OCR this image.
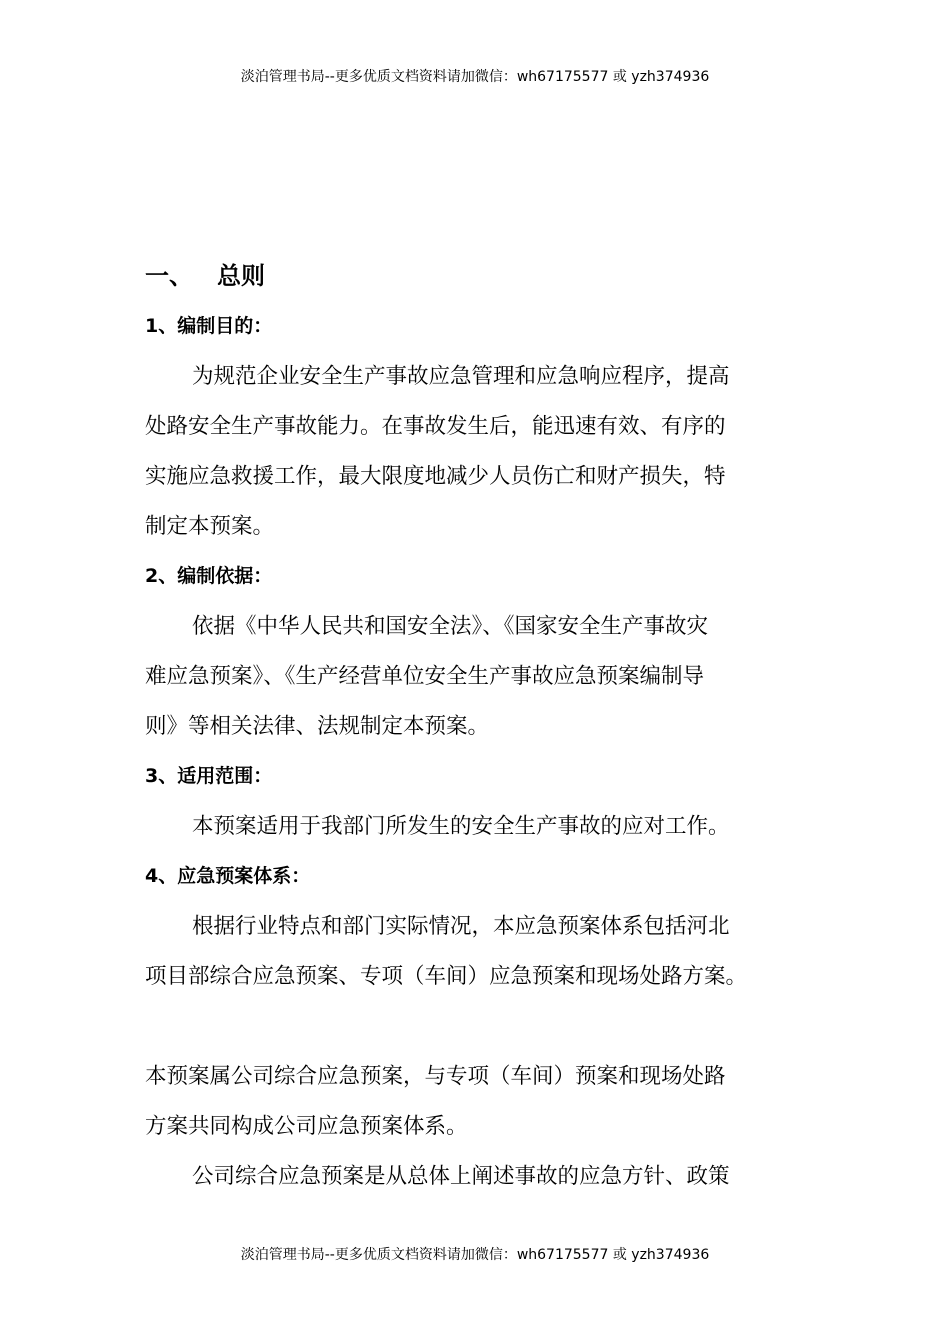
淡泊管理书局--更多优质文档资料请加微信：wh67175577 或 yzh374936
一、 总则
1、编制目的：
为规范企业安全生产事故应急管理和应急响应程序，提高
处路安全生产事故能力。在事故发生后，能迅速有效、有序的
实施应急救援工作，最大限度地减少人员伤亡和财产损失，特
制定本预案。
2、编制依据：
依据《中华人民共和国安全法》、《国家安全生产事故灾
难应急预案》、《生产经营单位安全生产事故应急预案编制导
则》等相关法律、法规制定本预案。
3、适用范围：
本预案适用于我部门所发生的安全生产事故的应对工作。
4、应急预案体系：
根据行业特点和部门实际情况，本应急预案体系包括河北
项目部综合应急预案、专项（车间）应急预案和现场处路方案。
本预案属公司综合应急预案，与专项（车间）预案和现场处路
方案共同构成公司应急预案体系。
公司综合应急预案是从总体上阐述事故的应急方针、政策
淡泊管理书局--更多优质文档资料请加微信：wh67175577 或 yzh374936
